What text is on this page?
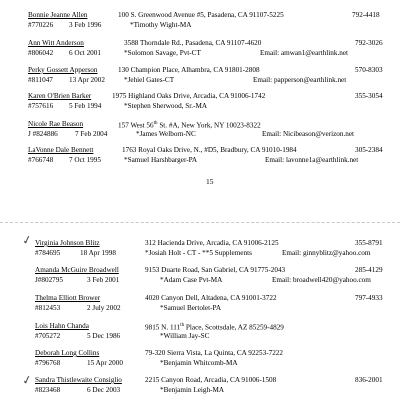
Bonnie Jeanne Allen	100 S. Greenwood Avenue #5, Pasadena, CA 91107-5225	792-4418
#770226 3 Feb 1996	*Timothy Wight-MA
Ann Witt Anderson	3588 Thorndale Rd., Pasadena, CA 91107-4620	792-3026
#806042 6 Oct 2001	*Solomon Savage, Pvt-CT	Email: amwan1@earthlink.net
Perky Gossett Apperson	130 Champion Place, Alhambra, CA 91801-2808	570-8303
#811047 13 Apr 2002	*Jehiel Gates-CT	Email: papperson@earthlink.net
Karen O'Brien Barker	1975 Highland Oaks Drive, Arcadia, CA 91006-1742	355-3054
#757616 5 Feb 1994	*Stephen Sherwood, Sr.-MA
Nicole Rae Beason	157 West 56th St. #A, New York, NY 10023-8322
J #824886 7 Feb 2004	*James Welborn-NC	Email: Nicibeason@verizon.net
LaVonne Dale Bennett	1763 Royal Oaks Drive, N., #D5, Bradbury, CA 91010-1984	305-2384
#766748 7 Oct 1995	*Samuel Harshbarger-PA	Email: lavonne1a@earthlink.net
15
✓ Virginia Johnson Blitz	312 Hacienda Drive, Arcadia, CA 91006-2125	355-8791
#784695	18 Apr 1998	*Josiah Holt - CT - **5 Supplements	Email: ginnyblitz@yahoo.com
Amanda McGuire Broadwell	9153 Duarte Road, San Gabriel, CA 91775-2043	285-4129
J#802795	3 Feb 2001	*Adam Case Pvt-MA	Email: broadwell420@yahoo.com
Thelma Elliott Brower	4020 Canyon Dell, Altadena, CA 91001-3722	797-4933
#812453	2 July 2002	*Samuel Bertolet-PA
Lois Hahn Chanda	9815 N. 111th Place, Scottsdale, AZ 85259-4829
#705272	5 Dec 1986	*William Jay-SC
Deborah Long Collins	79-320 Sierra Vista, La Quinta, CA 92253-7222
#796768	15 Apr 2000	*Benjamin Whitcomb-MA
✓ Sandra Thistlewaite Consiglio	2215 Canyon Road, Arcadia, CA 91006-1508	836-2001
#823468	6 Dec 2003	*Benjamin Leigh-MA
